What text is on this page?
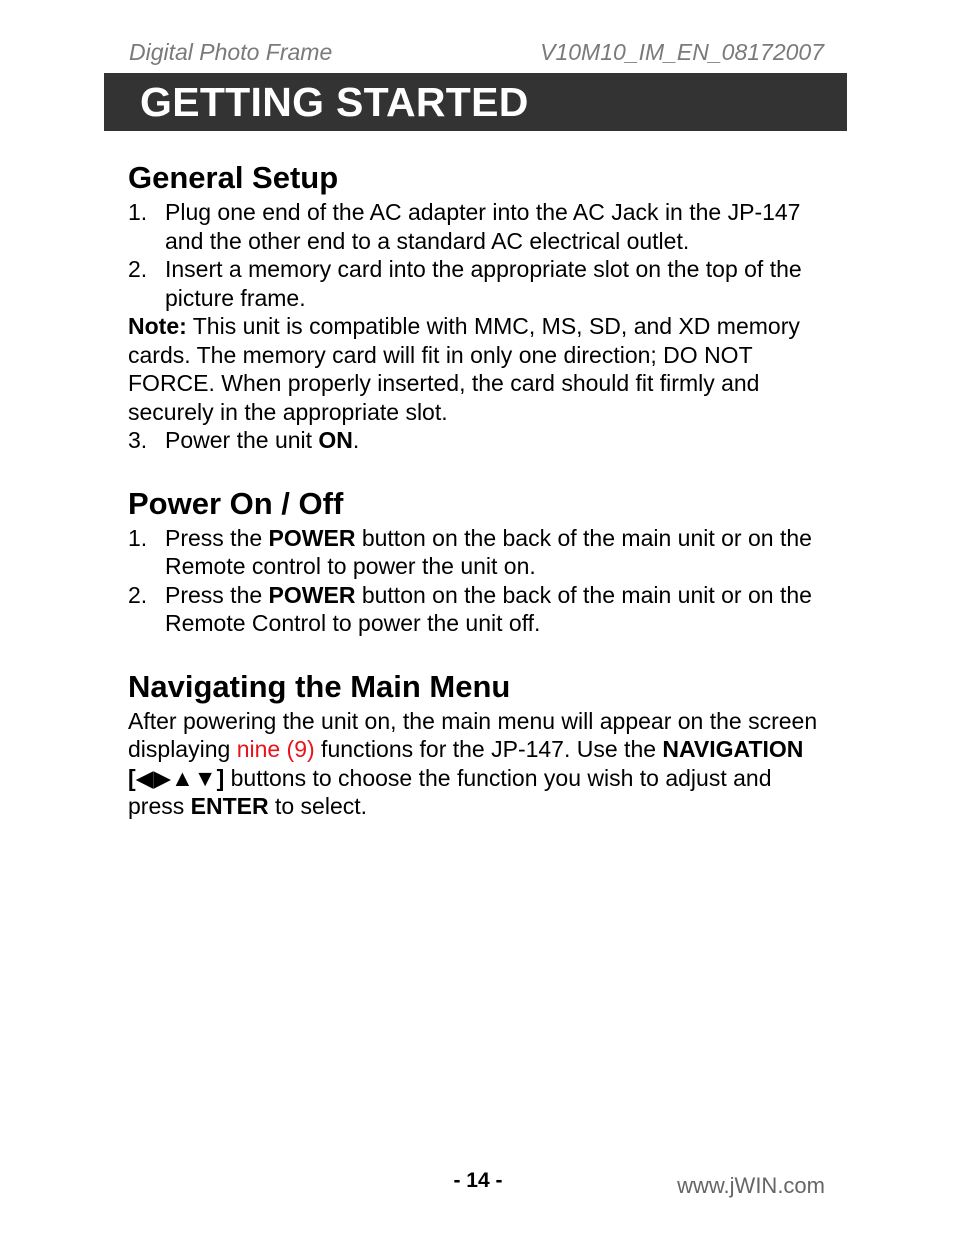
Digital Photo Frame	V10M10_IM_EN_08172007
GETTING STARTED
General Setup
1. Plug one end of the AC adapter into the AC Jack in the JP-147 and the other end to a standard AC electrical outlet.
2. Insert a memory card into the appropriate slot on the top of the picture frame.

Note: This unit is compatible with MMC, MS, SD, and XD memory cards. The memory card will fit in only one direction; DO NOT FORCE. When properly inserted, the card should fit firmly and securely in the appropriate slot.

3. Power the unit ON.
Power On / Off
1. Press the POWER button on the back of the main unit or on the Remote control to power the unit on.
2. Press the POWER button on the back of the main unit or on the Remote Control to power the unit off.
Navigating the Main Menu

After powering the unit on, the main menu will appear on the screen displaying nine (9) functions for the JP-147. Use the NAVIGATION [◀▶▲▼] buttons to choose the function you wish to adjust and press ENTER to select.

- 14 -	www.jWIN.com
